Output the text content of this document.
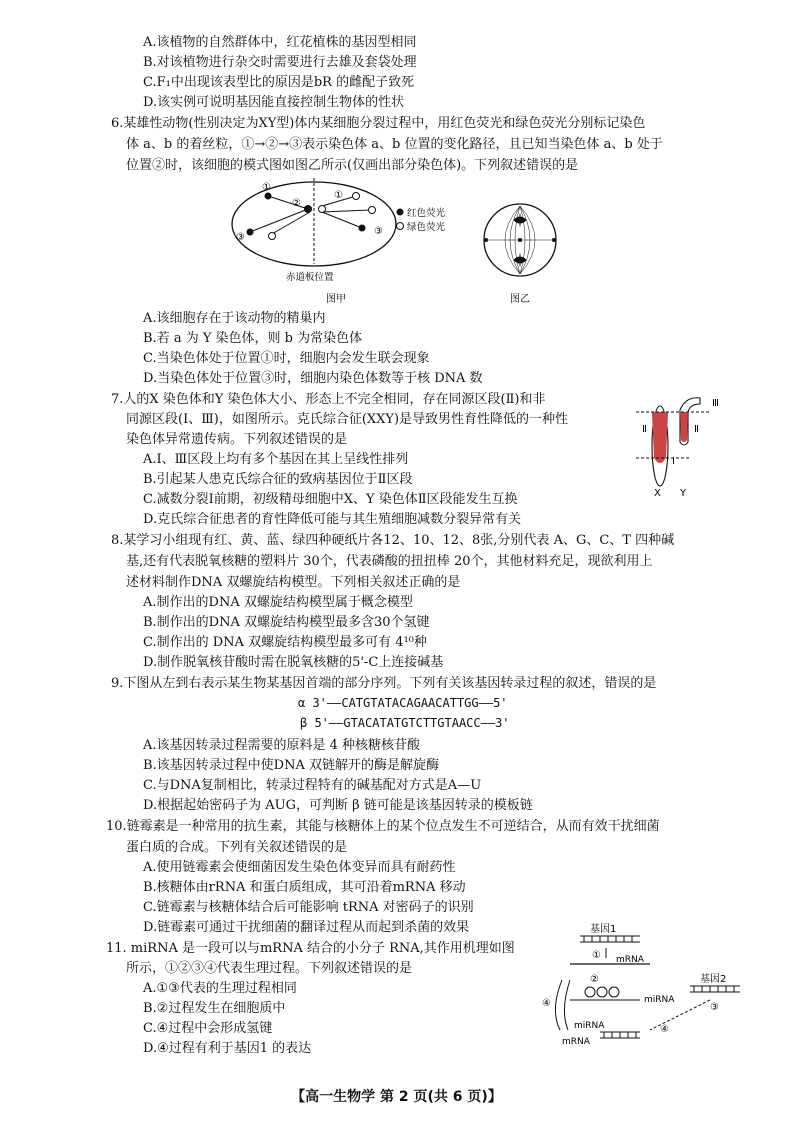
A.该植物的自然群体中，红花植株的基因型相同
B.对该植物进行杂交时需要进行去雄及套袋处理
C.F₁中出现该表型比的原因是bR 的雌配子致死
D.该实例可说明基因能直接控制生物体的性状
6.某雄性动物(性别决定为XY型)体内某细胞分裂过程中，用红色荧光和绿色荧光分别标记染色
体 a、b 的着丝粒，①→②→③表示染色体 a、b 位置的变化路径，且已知当染色体 a、b 处于
位置②时，该细胞的模式图如图乙所示(仅画出部分染色体)。下列叙述错误的是
①
②
③
①
③
红色荧光
绿色荧光
赤道板位置
图甲	图乙
A.该细胞存在于该动物的精巢内
B.若 a 为 Y 染色体，则 b 为常染色体
C.当染色体处于位置①时，细胞内会发生联会现象
D.当染色体处于位置③时，细胞内染色体数等于核 DNA 数
7.人的X 染色体和Y 染色体大小、形态上不完全相同，存在同源区段(Ⅱ)和非
同源区段(Ⅰ、Ⅲ)，如图所示。克氏综合征(XXY)是导致男性育性降低的一种性
染色体异常遗传病。下列叙述错误的是
Ⅱ	Ⅱ
Ⅲ
I
X Y
A.Ⅰ、Ⅲ区段上均有多个基因在其上呈线性排列
B.引起某人患克氏综合征的致病基因位于Ⅱ区段
C.减数分裂Ⅰ前期，初级精母细胞中X、Y 染色体Ⅱ区段能发生互换
D.克氏综合征患者的育性降低可能与其生殖细胞减数分裂异常有关
8.某学习小组现有红、黄、蓝、绿四种硬纸片各12、10、12、8张,分别代表 A、G、C、T 四种碱
基,还有代表脱氧核糖的塑料片 30个，代表磷酸的扭扭棒 20个，其他材料充足，现欲利用上
述材料制作DNA 双螺旋结构模型。下列相关叙述正确的是
A.制作出的DNA 双螺旋结构模型属于概念模型
B.制作出的DNA 双螺旋结构模型最多含30个氢键
C.制作出的 DNA 双螺旋结构模型最多可有 4¹⁰种
D.制作脱氧核苷酸时需在脱氧核糖的5'-C上连接碱基
9.下图从左到右表示某生物某基因首端的部分序列。下列有关该基因转录过程的叙述，错误的是
α 3'——CATGTATACAGAACATTGG——5'
β 5'——GTACATATGTCTTGTAACC——3'
A.该基因转录过程需要的原料是 4 种核糖核苷酸
B.该基因转录过程中使DNA 双链解开的酶是解旋酶
C.与DNA复制相比，转录过程特有的碱基配对方式是A—U
D.根据起始密码子为 AUG，可判断 β 链可能是该基因转录的模板链
10.链霉素是一种常用的抗生素，其能与核糖体上的某个位点发生不可逆结合，从而有效干扰细菌
蛋白质的合成。下列有关叙述错误的是
A.使用链霉素会使细菌因发生染色体变异而具有耐药性
B.核糖体由rRNA 和蛋白质组成，其可沿着mRNA 移动
C.链霉素与核糖体结合后可能影响 tRNA 对密码子的识别
D.链霉素可通过干扰细菌的翻译过程从而起到杀菌的效果
11. miRNA 是一段可以与mRNA 结合的小分子 RNA,其作用机理如图
所示，①②③④代表生理过程。下列叙述错误的是
A.①③代表的生理过程相同
B.②过程发生在细胞质中
C.④过程中会形成氢键
D.④过程有利于基因1 的表达
基因1
① mRNA
②
④	miRNA
基因2
③
④
miRNA
mRNA
【高一生物学 第 2 页(共 6 页)】
